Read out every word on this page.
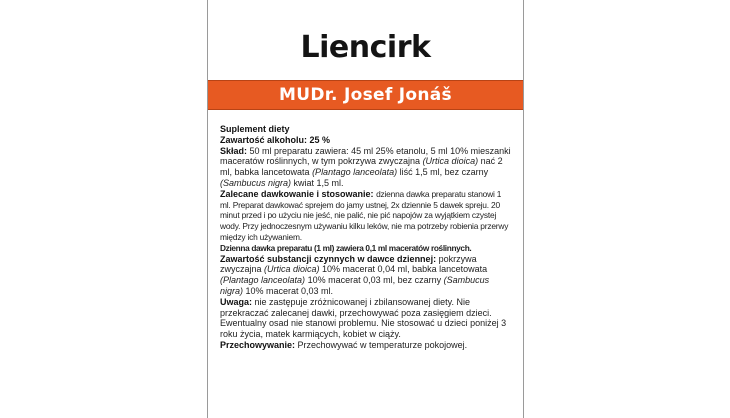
Liencirk
MUDr. Josef Jonáš

Suplement diety

Zawartość alkoholu: 25 %

Skład: 50 ml preparatu zawiera: 45 ml 25% etanolu, 5 ml 10% mieszanki maceratów roślinnych, w tym pokrzywa zwyczajna (Urtica dioica) nać 2 ml, babka lancetowata (Plantago lanceolata) liść 1,5 ml, bez czarny (Sambucus nigra) kwiat 1,5 ml.

Zalecane dawkowanie i stosowanie: dzienna dawka preparatu stanowi 1 ml. Preparat dawkować sprejem do jamy ustnej, 2x dziennie 5 dawek spreju. 20 minut przed i po użyciu nie jeść, nie palić, nie pić napojów za wyjątkiem czystej wody. Przy jednoczesnym używaniu kilku leków, nie ma potrzeby robienia przerwy między ich używaniem.

Dzienna dawka preparatu (1 ml) zawiera 0,1 ml maceratów roślinnych.

Zawartość substancji czynnych w dawce dziennej: pokrzywa zwyczajna (Urtica dioica) 10% macerat 0,04 ml, babka lancetowata (Plantago lanceolata) 10% macerat 0,03 ml, bez czarny (Sambucus nigra) 10% macerat 0,03 ml.

Uwaga: nie zastępuje zróżnicowanej i zbilansowanej diety. Nie przekraczać zalecanej dawki, przechowywać poza zasięgiem dzieci. Ewentualny osad nie stanowi problemu. Nie stosować u dzieci poniżej 3 roku życia, matek karmiących, kobiet w ciąży.

Przechowywanie: Przechowywać w temperaturze pokojowej.
